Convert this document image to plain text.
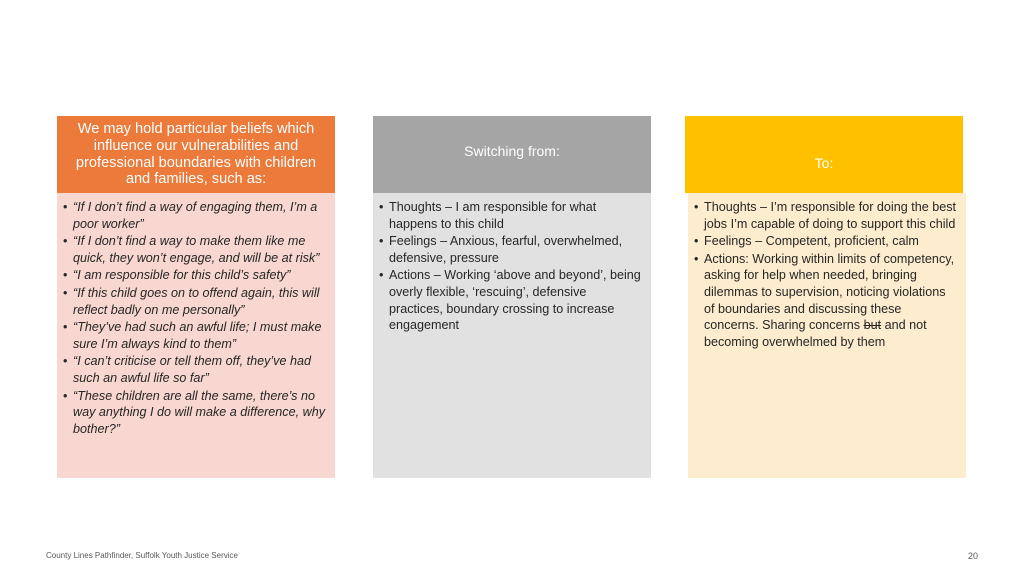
We may hold particular beliefs which influence our vulnerabilities and professional boundaries with children and families, such as:
• “If I don’t find a way of engaging them, I’m a poor worker”
• “If I don’t find a way to make them like me quick, they won’t engage, and will be at risk”
• “I am responsible for this child’s safety”
• “If this child goes on to offend again, this will reflect badly on me personally”
• “They’ve had such an awful life; I must make sure I’m always kind to them”
• “I can’t criticise or tell them off, they’ve had such an awful life so far”
• “These children are all the same, there’s no way anything I do will make a difference, why bother?”
Switching from:
• Thoughts – I am responsible for what happens to this child
• Feelings – Anxious, fearful, overwhelmed, defensive, pressure
• Actions – Working ‘above and beyond’, being overly flexible, ‘rescuing’, defensive practices, boundary crossing to increase engagement
To:
• Thoughts – I’m responsible for doing the best jobs I’m capable of doing to support this child
• Feelings – Competent, proficient, calm
• Actions: Working within limits of competency, asking for help when needed, bringing dilemmas to supervision, noticing violations of boundaries and discussing these concerns. Sharing concerns but and not becoming overwhelmed by them
County Lines Pathfinder, Suffolk Youth Justice Service	20
